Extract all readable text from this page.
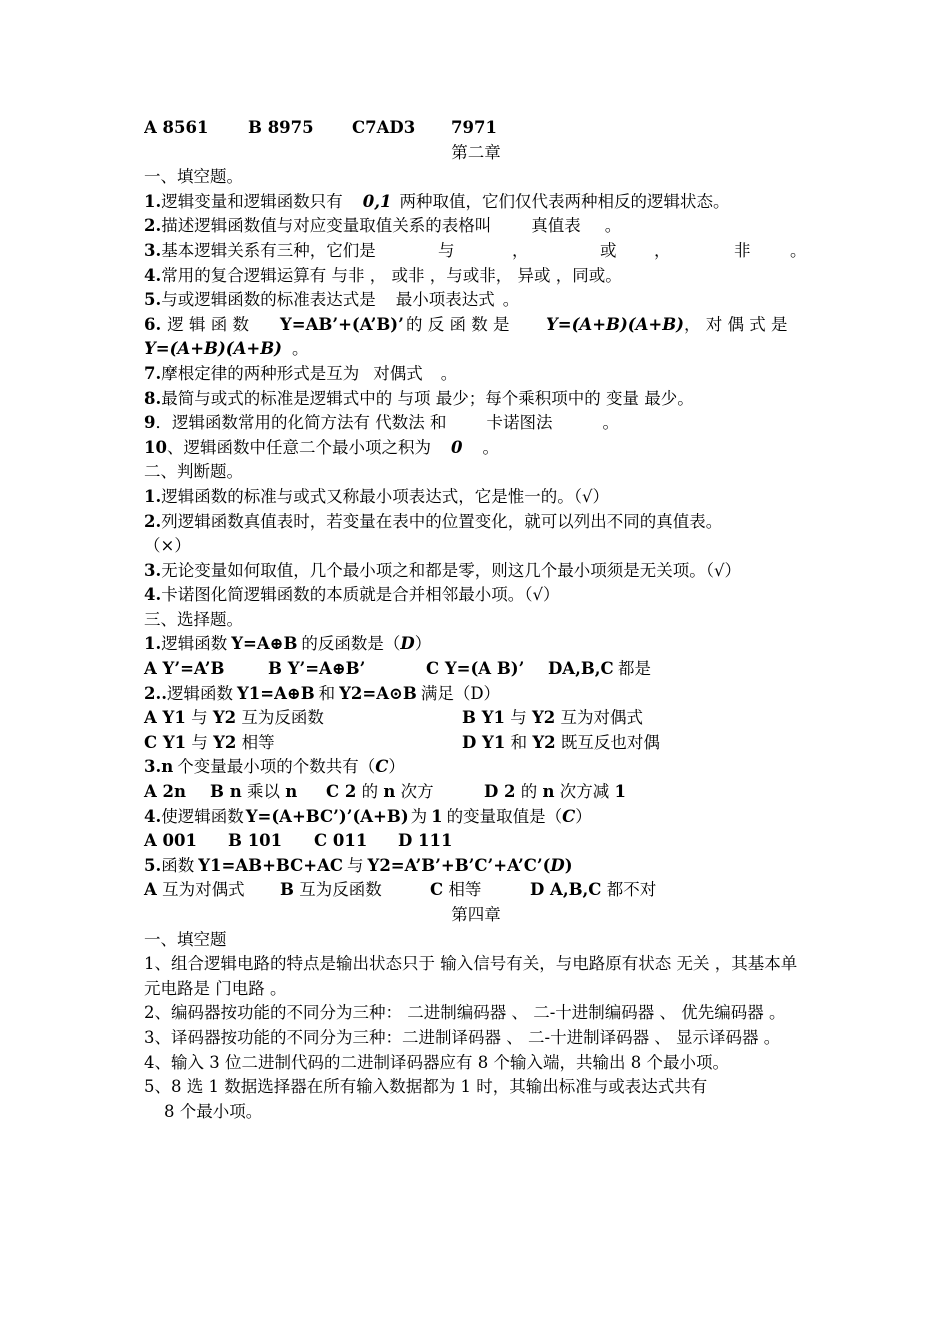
A 8561 B 8975 C7AD3 7971
第二章
一、填空题。
1.逻辑变量和逻辑函数只有 0,1 两种取值，它们仅代表两种相反的逻辑状态。
2.描述逻辑函数值与对应变量取值关系的表格叫 真值表 。
3.基本逻辑关系有三种，它们是	与	，	或 ，	非 。
4.常用的复合逻辑运算有 与非 ， 或非 ，与或非， 异或 ，同或。
5.与或逻辑函数的标准表达式是 最小项表达式 。
6. 逻 辑 函 数 Y=AB’+(A’B)’ 的 反 函 数 是 Y=(A+B)(A+B) ， 对 偶 式 是
Y=(A+B)(A+B) 。
7.摩根定律的两种形式是互为 对偶式 。
8.最简与或式的标准是逻辑式中的 与项 最少；每个乘积项中的 变量 最少。
9．逻辑函数常用的化简方法有 代数法 和 卡诺图法	。
10、逻辑函数中任意二个最小项之积为 0 。
二、判断题。
1.逻辑函数的标准与或式又称最小项表达式，它是惟一的。（√）
2.列逻辑函数真值表时，若变量在表中的位置变化，就可以列出不同的真值表。
（×）
3.无论变量如何取值，几个最小项之和都是零，则这几个最小项须是无关项。（√）
4.卡诺图化简逻辑函数的本质就是合并相邻最小项。（√）
三、选择题。
1.逻辑函数 Y=A⊕B 的反函数是（D）
A Y’=A’B	B Y’=A⊕B’	C Y=(A B)’ DA,B,C 都是
2..逻辑函数 Y1=A⊕B 和 Y2=A⊙B 满足（D）
A Y1 与 Y2 互为反函数	B Y1 与 Y2 互为对偶式
C Y1 与 Y2 相等	D Y1 和 Y2 既互反也对偶
3.n 个变量最小项的个数共有（C）
A 2n B n 乘以 n C 2 的 n 次方	D 2 的 n 次方减 1
4.使逻辑函数 Y=(A+BC’)’(A+B) 为 1 的变量取值是（C）
A 001 B 101 C 011 D 111
5.函数 Y1=AB+BC+AC 与 Y2=A’B’+B’C’+A’C’(D)
A 互为对偶式 B 互为反函数	C 相等	D A,B,C 都不对
第四章
一、填空题
1、组合逻辑电路的特点是输出状态只于 输入信号有关，与电路原有状态 无关 ，其基本单元电路是 门电路 。
2、编码器按功能的不同分为三种： 二进制编码器 、 二-十进制编码器 、 优先编码器 。
3、译码器按功能的不同分为三种：二进制译码器 、 二-十进制译码器 、 显示译码器 。
4、输入 3 位二进制代码的二进制译码器应有 8 个输入端，共输出 8 个最小项。
5、8 选 1 数据选择器在所有输入数据都为 1 时，其输出标准与或表达式共有
8 个最小项。
